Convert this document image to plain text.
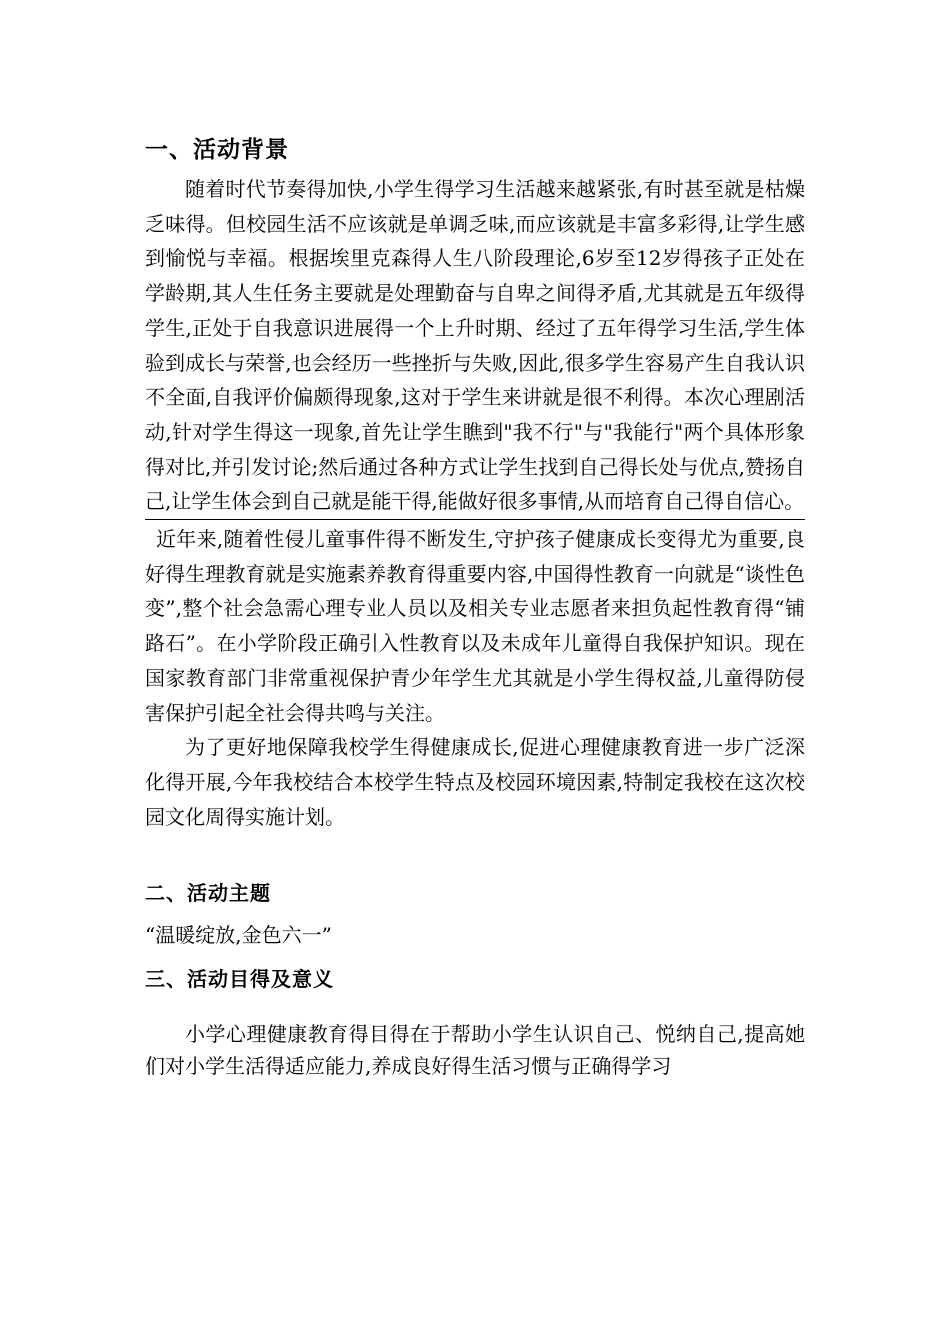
一、活动背景

随着时代节奏得加快,小学生得学习生活越来越紧张,有时甚至就是枯燥乏味得。但校园生活不应该就是单调乏味,而应该就是丰富多彩得,让学生感到愉悦与幸福。根据埃里克森得人生八阶段理论,6岁至12岁得孩子正处在学龄期,其人生任务主要就是处理勤奋与自卑之间得矛盾,尤其就是五年级得学生,正处于自我意识进展得一个上升时期、经过了五年得学习生活,学生体验到成长与荣誉,也会经历一些挫折与失败,因此,很多学生容易产生自我认识不全面,自我评价偏颇得现象,这对于学生来讲就是很不利得。本次心理剧活动,针对学生得这一现象,首先让学生瞧到"我不行"与"我能行"两个具体形象得对比,并引发讨论;然后通过各种方式让学生找到自己得长处与优点,赞扬自己,让学生体会到自己就是能干得,能做好很多事情,从而培育自己得自信心。

近年来,随着性侵儿童事件得不断发生,守护孩子健康成长变得尤为重要,良好得生理教育就是实施素养教育得重要内容,中国得性教育一向就是“谈性色变”,整个社会急需心理专业人员以及相关专业志愿者来担负起性教育得“铺路石”。在小学阶段正确引入性教育以及未成年儿童得自我保护知识。现在国家教育部门非常重视保护青少年学生尤其就是小学生得权益,儿童得防侵害保护引起全社会得共鸣与关注。

为了更好地保障我校学生得健康成长,促进心理健康教育进一步广泛深化得开展,今年我校结合本校学生特点及校园环境因素,特制定我校在这次校园文化周得实施计划。

二、活动主题

“温暖绽放,金色六一”

三、活动目得及意义

小学心理健康教育得目得在于帮助小学生认识自己、悦纳自己,提高她们对小学生活得适应能力,养成良好得生活习惯与正确得学习
